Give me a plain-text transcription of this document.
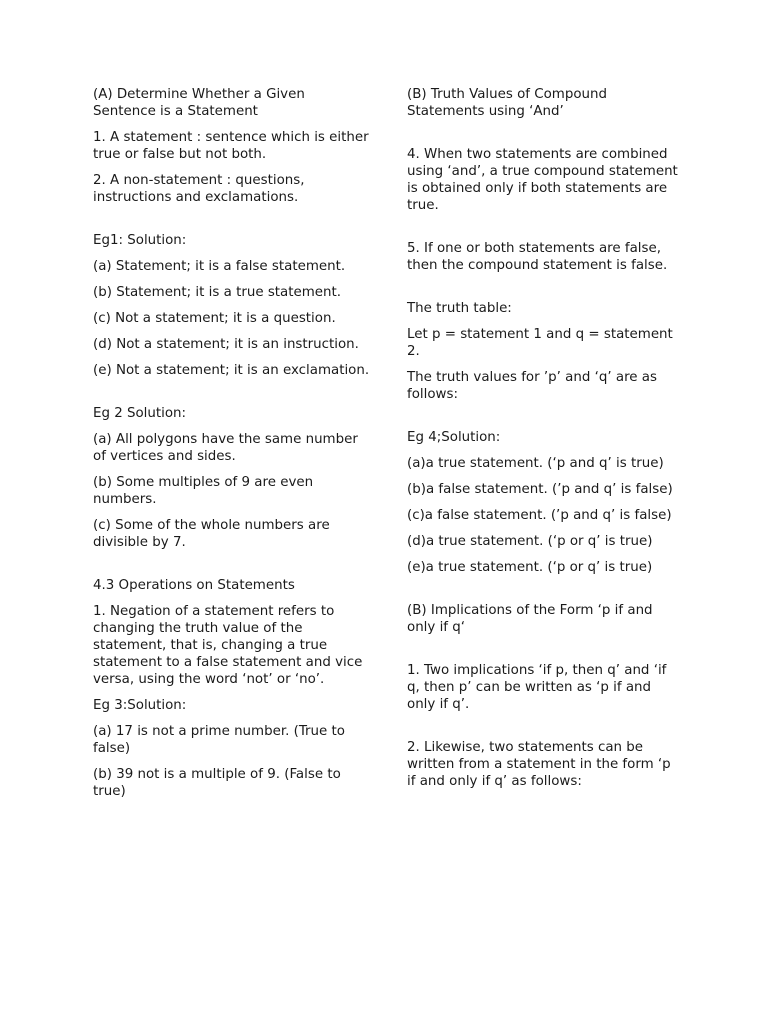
(A) Determine Whether a Given Sentence is a Statement

1. A statement : sentence which is either true or false but not both.

2. A non-statement : questions, instructions and exclamations.

Eg1: Solution:

(a) Statement; it is a false statement.

(b) Statement; it is a true statement.

(c) Not a statement; it is a question.

(d) Not a statement; it is an instruction.

(e) Not a statement; it is an exclamation.

Eg 2 Solution:

(a) All polygons have the same number of vertices and sides.

(b) Some multiples of 9 are even numbers.

(c) Some of the whole numbers are divisible by 7.

4.3 Operations on Statements

1. Negation of a statement refers to changing the truth value of the statement, that is, changing a true statement to a false statement and vice versa, using the word ‘not’ or ‘no’.

Eg 3:Solution:

(a) 17 is not a prime number. (True to false)

(b) 39 not is a multiple of 9. (False to true)

(B) Truth Values of Compound Statements using ‘And’

4. When two statements are combined using ‘and’, a true compound statement is obtained only if both statements are true.

5. If one or both statements are false, then the compound statement is false.

The truth table:

Let p = statement 1 and q = statement 2.

The truth values for ’p’ and ‘q’ are as follows:

Eg 4;Solution:

(a)a true statement. (‘p and q’ is true)

(b)a false statement. (’p and q’ is false)

(c)a false statement. (’p and q’ is false)

(d)a true statement. (‘p or q’ is true)

(e)a true statement. (‘p or q’ is true)

(B) Implications of the Form ‘p if and only if q‘

1. Two implications ‘if p, then q’ and ‘if q, then p’ can be written as ‘p if and only if q’.

2. Likewise, two statements can be written from a statement in the form ‘p if and only if q’ as follows:
